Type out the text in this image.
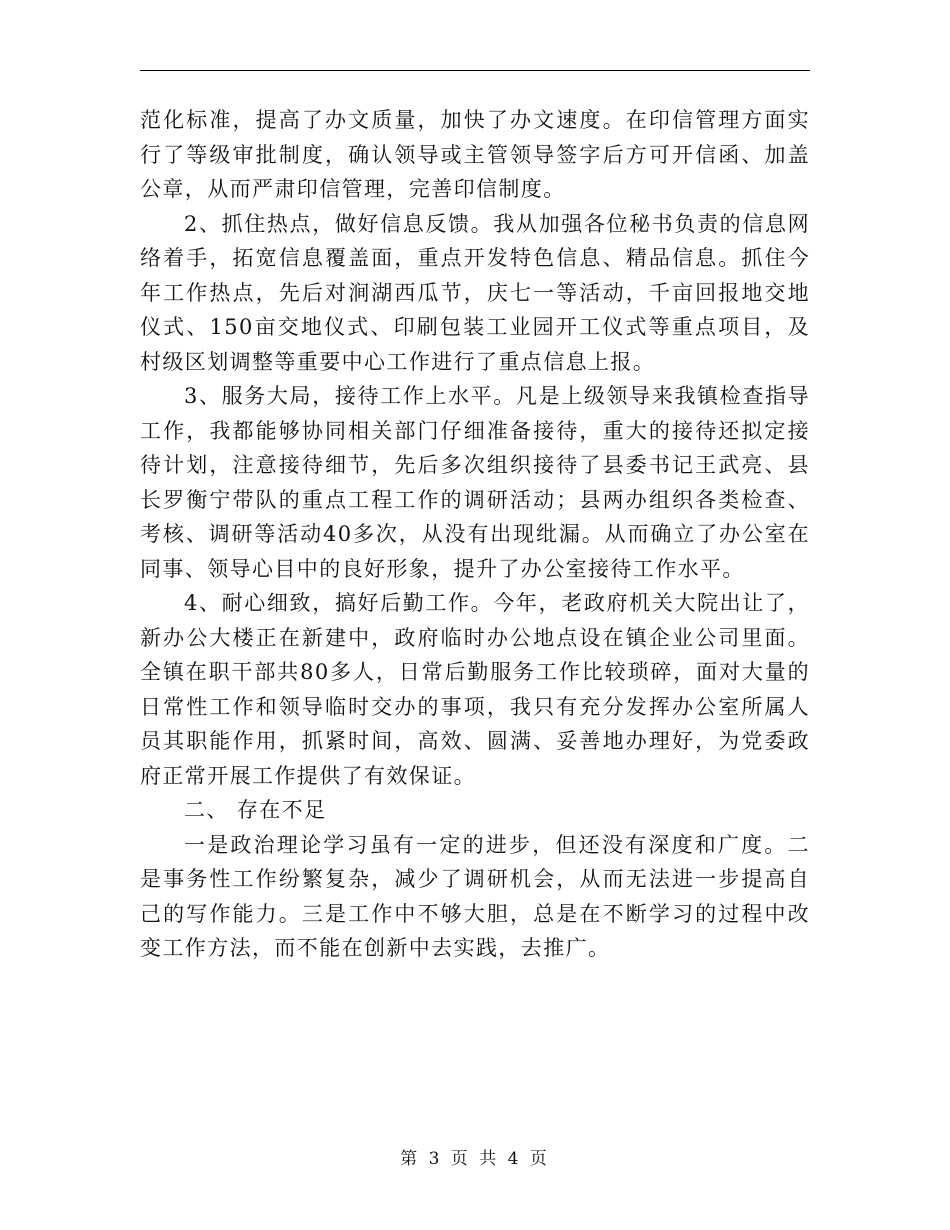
范化标准，提高了办文质量，加快了办文速度。在印信管理方面实行了等级审批制度，确认领导或主管领导签字后方可开信函、加盖公章，从而严肃印信管理，完善印信制度。

2、抓住热点，做好信息反馈。我从加强各位秘书负责的信息网络着手，拓宽信息覆盖面，重点开发特色信息、精品信息。抓住今年工作热点，先后对涧湖西瓜节，庆七一等活动，千亩回报地交地仪式、150亩交地仪式、印刷包装工业园开工仪式等重点项目，及村级区划调整等重要中心工作进行了重点信息上报。

3、服务大局，接待工作上水平。凡是上级领导来我镇检查指导工作，我都能够协同相关部门仔细准备接待，重大的接待还拟定接待计划，注意接待细节，先后多次组织接待了县委书记王武亮、县长罗衡宁带队的重点工程工作的调研活动；县两办组织各类检查、考核、调研等活动40多次，从没有出现纰漏。从而确立了办公室在同事、领导心目中的良好形象，提升了办公室接待工作水平。

4、耐心细致，搞好后勤工作。今年，老政府机关大院出让了，新办公大楼正在新建中，政府临时办公地点设在镇企业公司里面。全镇在职干部共80多人，日常后勤服务工作比较琐碎，面对大量的日常性工作和领导临时交办的事项，我只有充分发挥办公室所属人员其职能作用，抓紧时间，高效、圆满、妥善地办理好，为党委政府正常开展工作提供了有效保证。

二、 存在不足

一是政治理论学习虽有一定的进步，但还没有深度和广度。二是事务性工作纷繁复杂，减少了调研机会，从而无法进一步提高自己的写作能力。三是工作中不够大胆，总是在不断学习的过程中改变工作方法，而不能在创新中去实践，去推广。

第 3 页 共 4 页
